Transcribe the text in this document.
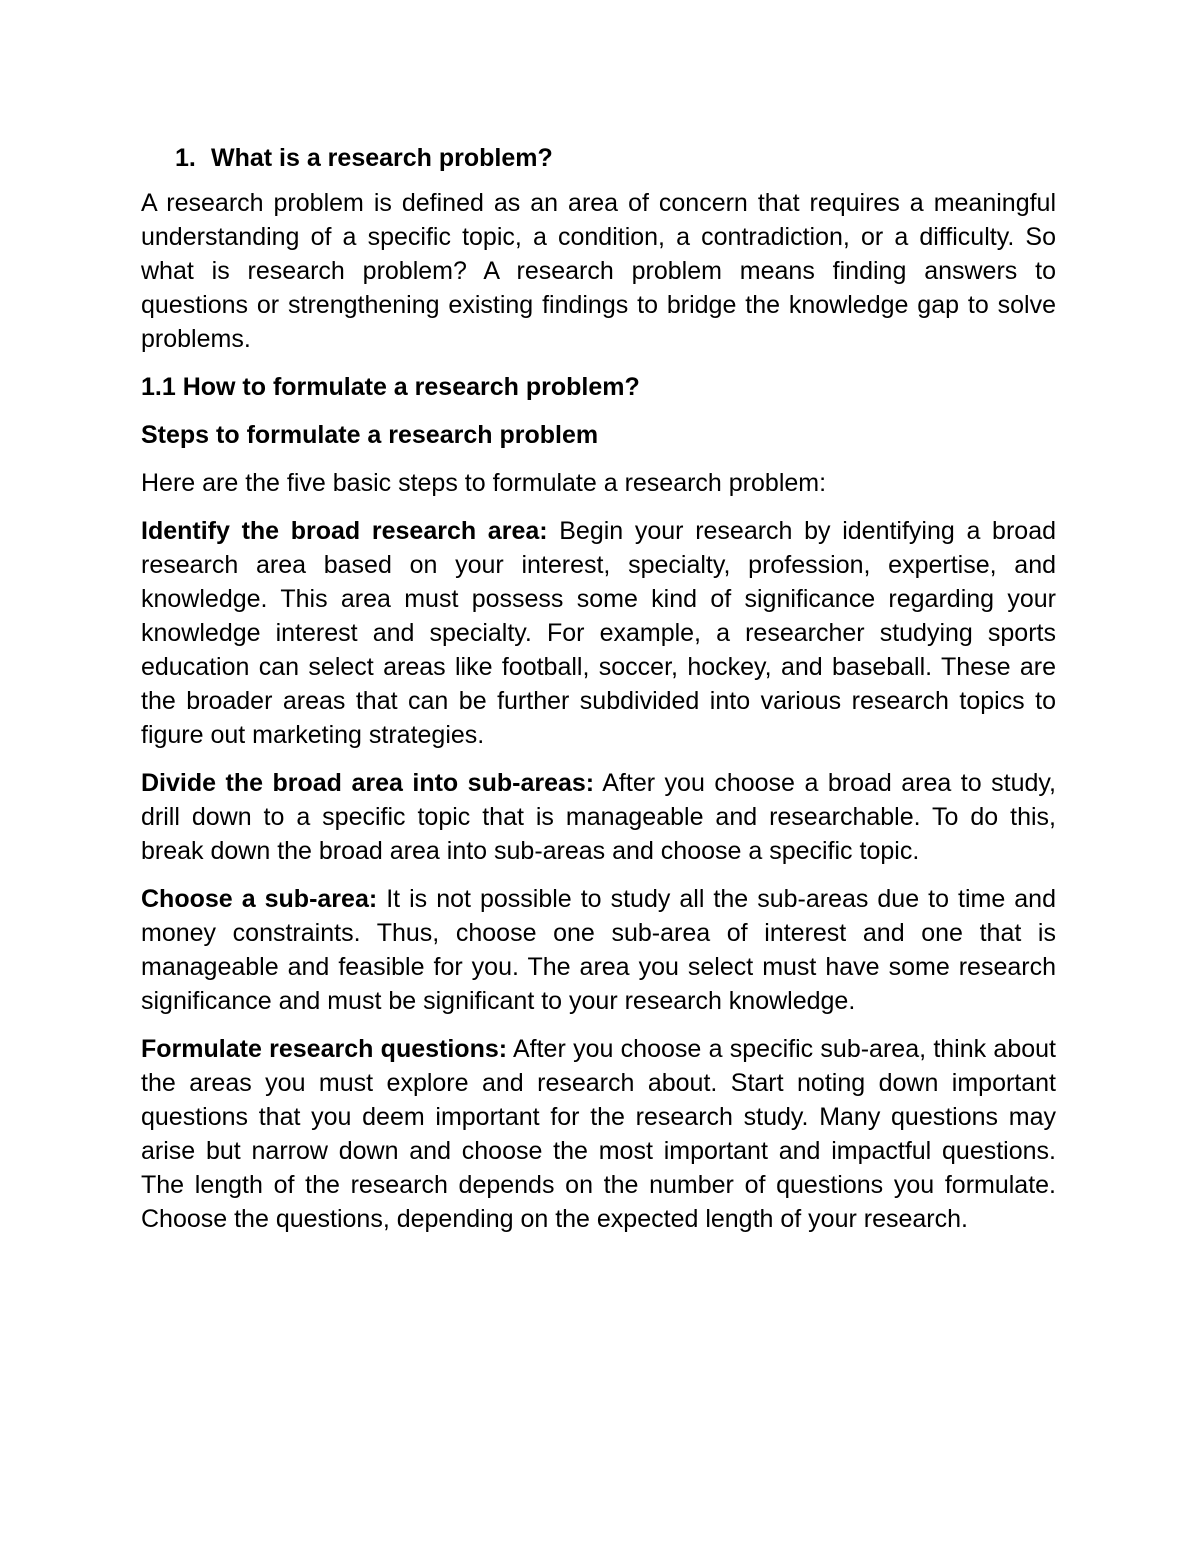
1. What is a research problem?

A research problem is defined as an area of concern that requires a meaningful understanding of a specific topic, a condition, a contradiction, or a difficulty. So what is research problem? A research problem means finding answers to questions or strengthening existing findings to bridge the knowledge gap to solve problems.

1.1 How to formulate a research problem?

Steps to formulate a research problem

Here are the five basic steps to formulate a research problem:

Identify the broad research area: Begin your research by identifying a broad research area based on your interest, specialty, profession, expertise, and knowledge. This area must possess some kind of significance regarding your knowledge interest and specialty. For example, a researcher studying sports education can select areas like football, soccer, hockey, and baseball. These are the broader areas that can be further subdivided into various research topics to figure out marketing strategies.

Divide the broad area into sub-areas: After you choose a broad area to study, drill down to a specific topic that is manageable and researchable. To do this, break down the broad area into sub-areas and choose a specific topic.

Choose a sub-area: It is not possible to study all the sub-areas due to time and money constraints. Thus, choose one sub-area of interest and one that is manageable and feasible for you. The area you select must have some research significance and must be significant to your research knowledge.

Formulate research questions: After you choose a specific sub-area, think about the areas you must explore and research about. Start noting down important questions that you deem important for the research study. Many questions may arise but narrow down and choose the most important and impactful questions. The length of the research depends on the number of questions you formulate. Choose the questions, depending on the expected length of your research.
